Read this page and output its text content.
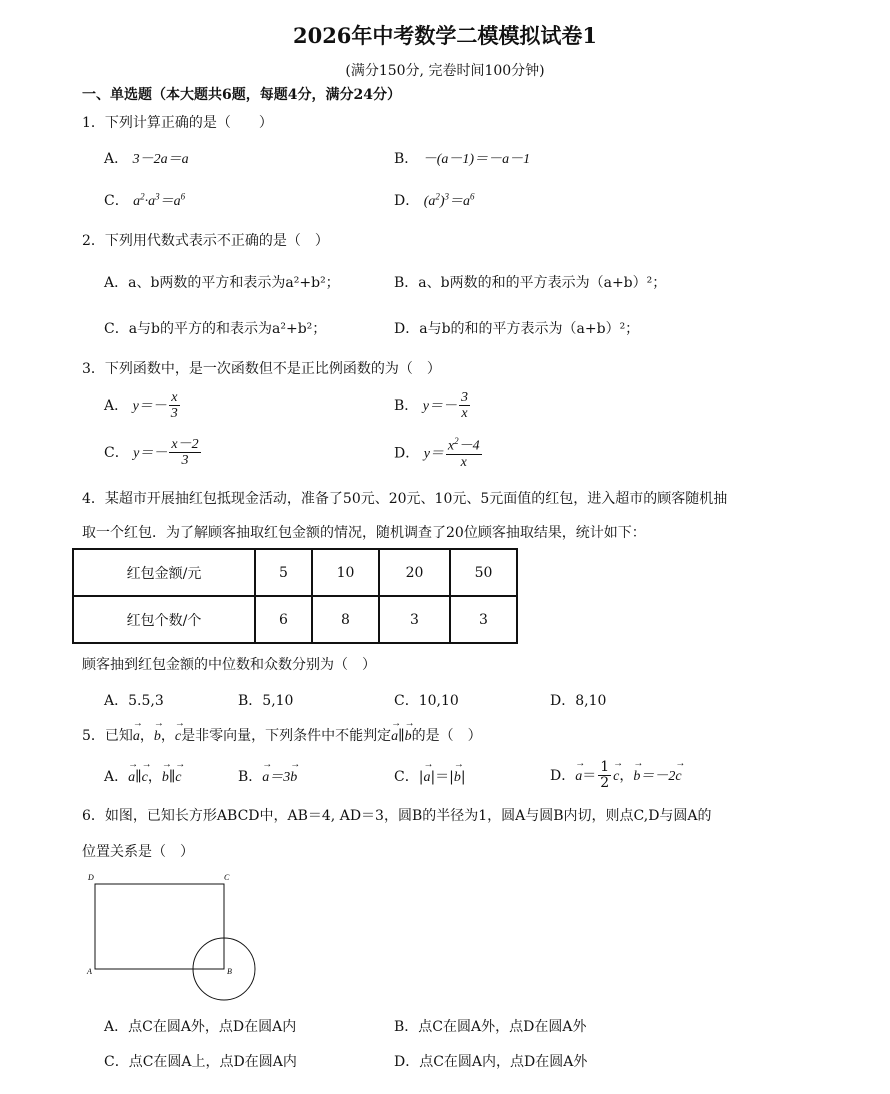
2026年中考数学二模模拟试卷1
(满分150分, 完卷时间100分钟)
一、单选题（本大题共6题，每题4分，满分24分）
1．下列计算正确的是（　　）
A． 3－2a＝a	B． －(a－1)＝－a－1
C． $a^2\cdot a^3=a^6$	D． $(a^2)^3=a^6$
2．下列用代数式表示不正确的是（　）
A．a、b两数的平方和表示为a²+b²；	B．a、b两数的和的平方表示为（a+b）²；
C．a与b的平方的和表示为a²+b²；	D．a与b的和的平方表示为（a+b）²；
3．下列函数中，是一次函数但不是正比例函数的为（　）
A． $y=- \frac{x}{3}$	B． $y=- \frac{3}{x}$
C． $y=- \frac{x-2}{3}$	D． $y= \frac{x^2-4}{x}$
4．某超市开展抽红包抵现金活动，准备了50元、20元、10元、5元面值的红包，进入超市的顾客随机抽
取一个红包．为了解顾客抽取红包金额的情况，随机调查了20位顾客抽取结果，统计如下：
红包金额/元	5	10	20	50
红包个数/个	6	8	3	3
顾客抽到红包金额的中位数和众数分别为（　）
A．5.5,3	B．5,10	C．10,10	D．8,10
5．已知→ a，→ b，→ c是非零向量，下列条件中不能判定→ a∥→ b的是（　）
A．→ a∥→ c，→ b∥→ c	B．→ a＝3→ b	C．|→ a|＝|→ b|	D．→ $a= \frac{1}{2} \to c$，→ b＝－2→ c
6．如图，已知长方形ABCD中，AB＝4, AD＝3，圆B的半径为1，圆A与圆B内切，则点C,D与圆A的
位置关系是（　）
D	C
A	B
A．点C在圆A外，点D在圆A内	B．点C在圆A外，点D在圆A外
C．点C在圆A上，点D在圆A内	D．点C在圆A内，点D在圆A外
